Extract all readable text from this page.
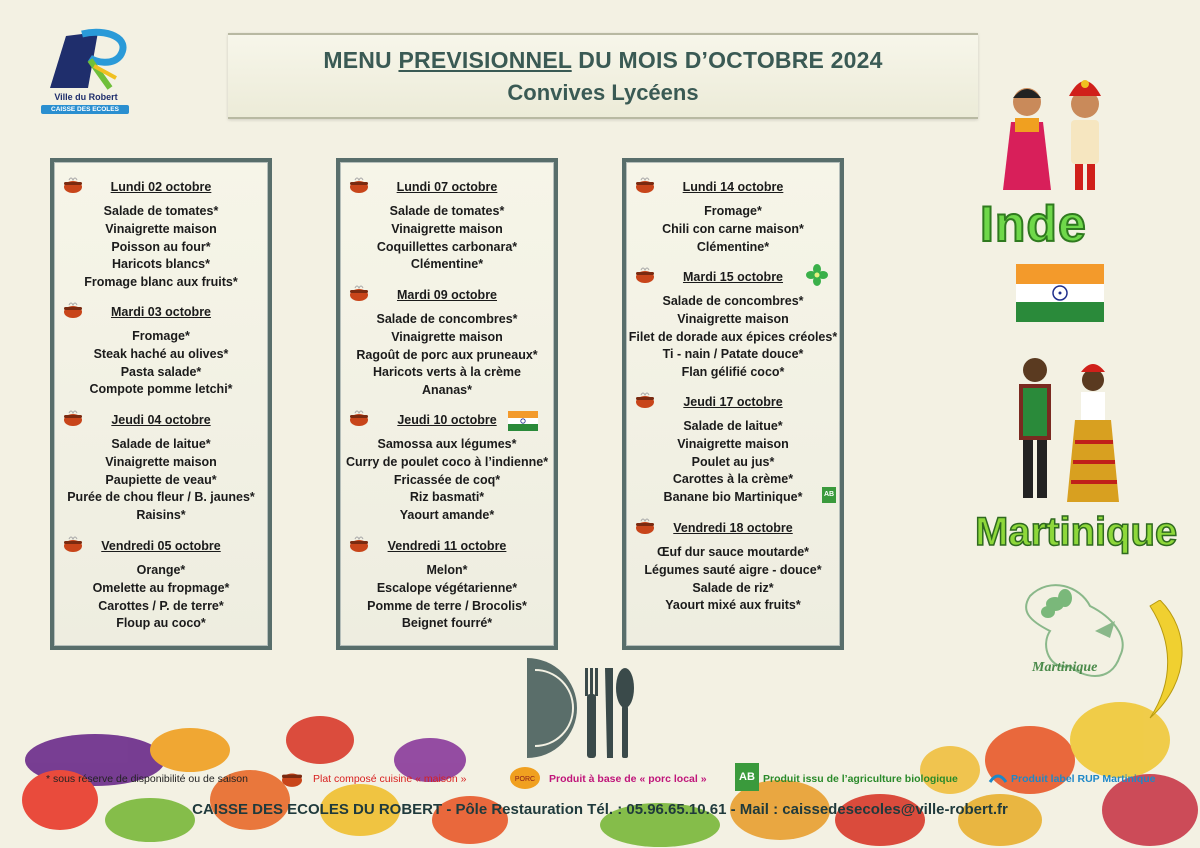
Ville du Robert
CAISSE DES ECOLES
MENU PREVISIONNEL DU MOIS D’OCTOBRE 2024
Convives Lycéens
Lundi 02 octobre
Salade de tomates*
Vinaigrette maison
Poisson au four*
Haricots blancs*
Fromage blanc aux fruits*
Mardi 03 octobre
Fromage*
Steak haché au olives*
Pasta salade*
Compote pomme letchi*
Jeudi 04 octobre
Salade de laitue*
Vinaigrette maison
Paupiette de veau*
Purée de chou fleur / B. jaunes*
Raisins*
Vendredi 05 octobre
Orange*
Omelette au fropmage*
Carottes / P. de terre*
Floup au coco*
Lundi 07 octobre
Salade de tomates*
Vinaigrette maison
Coquillettes carbonara*
Clémentine*
Mardi 09 octobre
Salade de concombres*
Vinaigrette maison
Ragoût de porc aux pruneaux*
Haricots verts à la crème
Ananas*
Jeudi 10 octobre
Samossa aux légumes*
Curry de poulet coco à l’indienne*
Fricassée de coq*
Riz basmati*
Yaourt amande*
Vendredi 11 octobre
Melon*
Escalope végétarienne*
Pomme de terre / Brocolis*
Beignet fourré*
Lundi 14 octobre
Fromage*
Chili con carne maison*
Clémentine*
Mardi 15 octobre
Salade de concombres*
Vinaigrette maison
Filet de dorade aux épices créoles*
Ti - nain / Patate douce*
Flan gélifié coco*
Jeudi 17 octobre
Salade de laitue*
Vinaigrette maison
Poulet au jus*
Carottes à la crème*
Banane bio Martinique*	AB
Vendredi 18 octobre
Œuf dur sauce moutarde*
Légumes sauté aigre - douce*
Salade de riz*
Yaourt mixé aux fruits*
Inde
Martinique
Martinique
* sous réserve de disponibilité ou de saison	Plat composé cuisine « maison »	PORC Produit à base de « porc local »	AB Produit issu de l’agriculture biologique	Produit label RUP Martinique
CAISSE DES ECOLES DU ROBERT - Pôle Restauration Tél. : 05.96.65.10.61 - Mail : caissedesecoles@ville-robert.fr
